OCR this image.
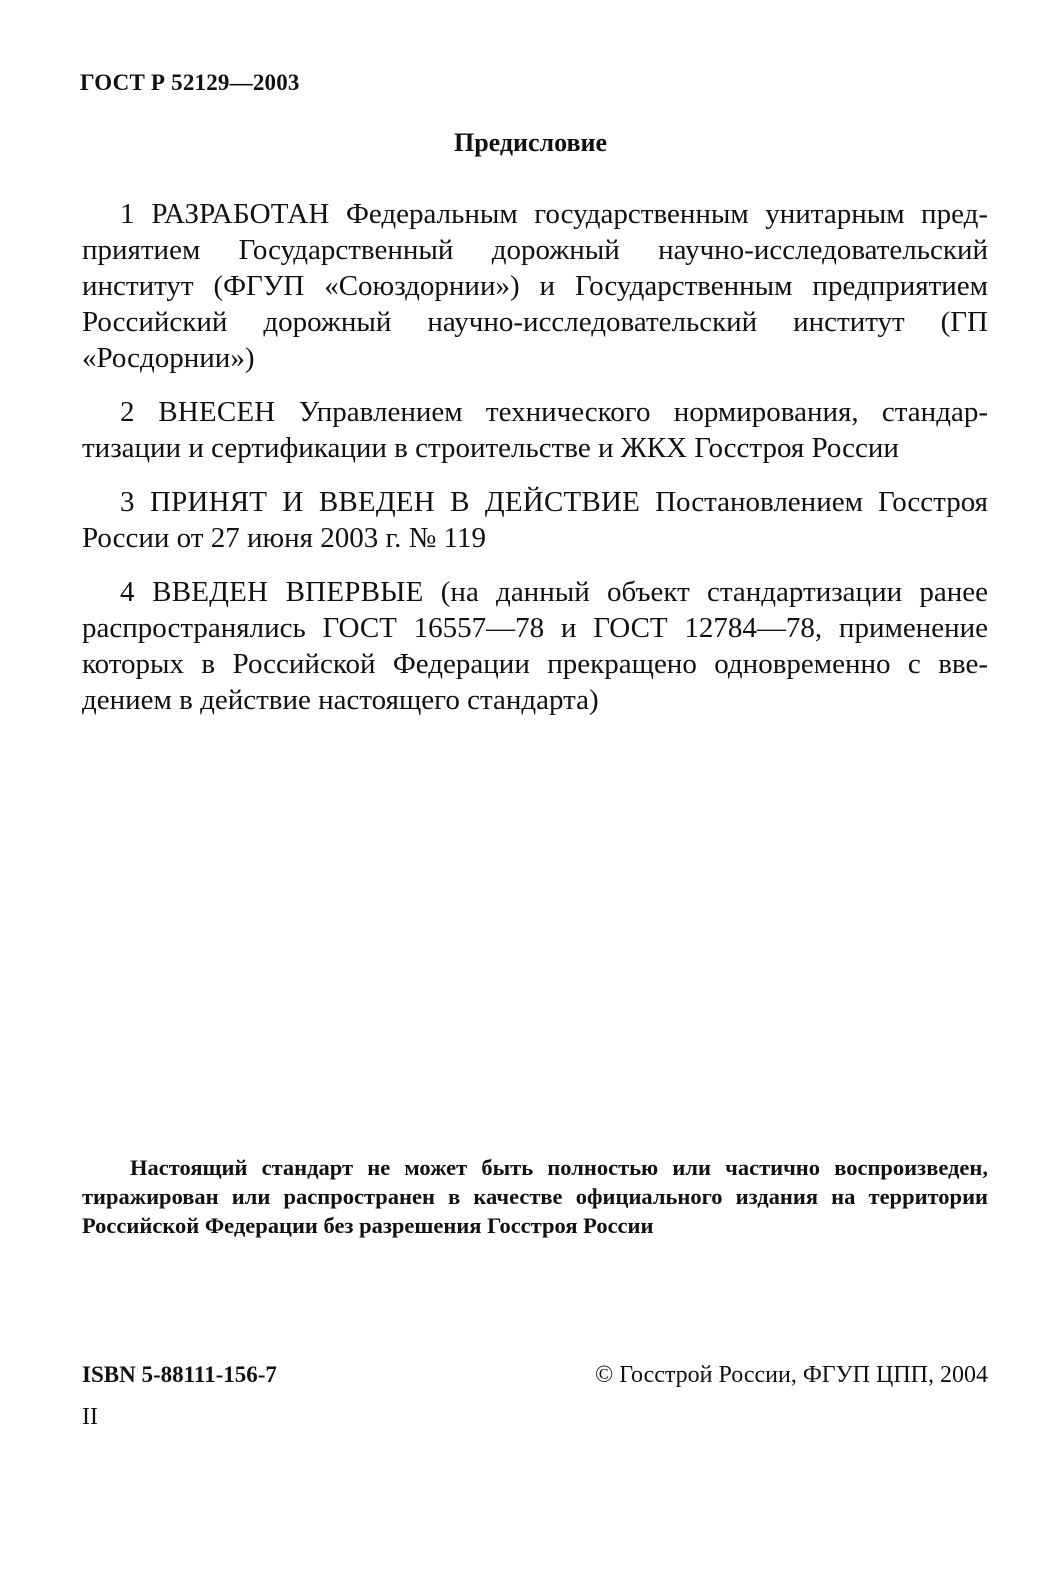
ГОСТ Р 52129—2003
Предисловие

1 РАЗРАБОТАН Федеральным государственным унитарным предприятием Государственный дорожный научно-исследовательский институт (ФГУП «Союздорнии») и Государственным предприятием Российский дорожный научно-исследовательский институт (ГП «Росдорнии»)

2 ВНЕСЕН Управлением технического нормирования, стандартизации и сертификации в строительстве и ЖКХ Госстроя России

3 ПРИНЯТ И ВВЕДЕН В ДЕЙСТВИЕ Постановлением Госстроя России от 27 июня 2003 г. № 119

4 ВВЕДЕН ВПЕРВЫЕ (на данный объект стандартизации ранее распространялись ГОСТ 16557—78 и ГОСТ 12784—78, применение которых в Российской Федерации прекращено одновременно с введением в действие настоящего стандарта)

Настоящий стандарт не может быть полностью или частично воспроизведен, тиражирован или распространен в качестве официального издания на территории Российской Федерации без разрешения Госстроя России

ISBN 5-88111-156-7	© Госстрой России, ФГУП ЦПП, 2004
II
